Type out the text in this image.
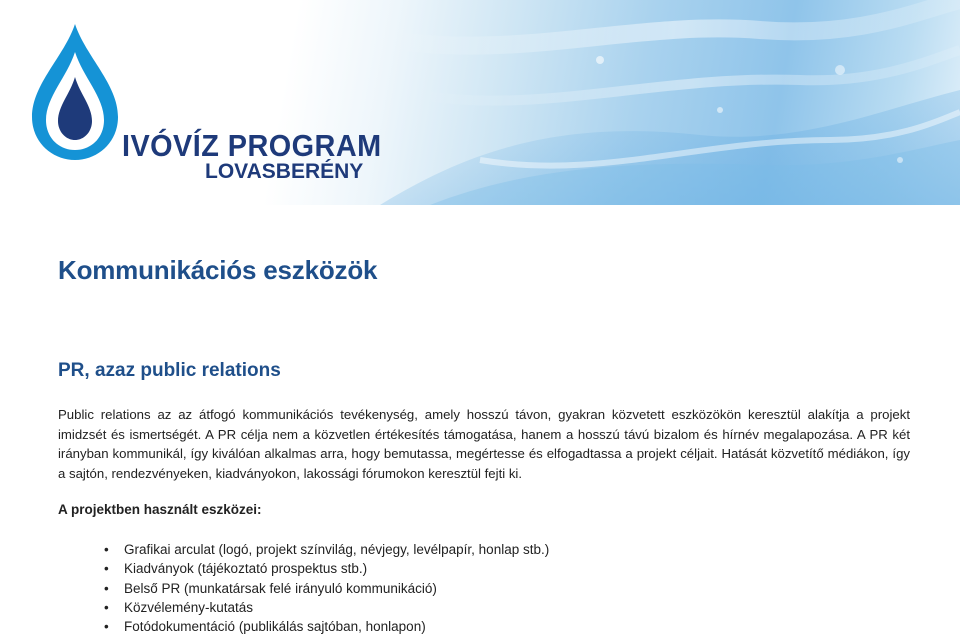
IVÓVÍZ PROGRAM
LOVASBERÉNY
Kommunikációs eszközök
PR, azaz public relations

Public relations az az átfogó kommunikációs tevékenység, amely hosszú távon, gyakran közvetett eszközökön keresztül alakítja a projekt imidzsét és ismertségét. A PR célja nem a közvetlen értékesítés támogatása, hanem a hosszú távú bizalom és hírnév megalapozása. A PR két irányban kommunikál, így kiválóan alkalmas arra, hogy bemutassa, megértesse és elfogadtassa a projekt céljait. Hatását közvetítő médiákon, így a sajtón, rendezvényeken, kiadványokon, lakossági fórumokon keresztül fejti ki.

A projektben használt eszközei:

• Grafikai arculat (logó, projekt színvilág, névjegy, levélpapír, honlap stb.)
• Kiadványok (tájékoztató prospektus stb.)
• Belső PR (munkatársak felé irányuló kommunikáció)
• Közvélemény-kutatás
• Fotódokumentáció (publikálás sajtóban, honlapon)
